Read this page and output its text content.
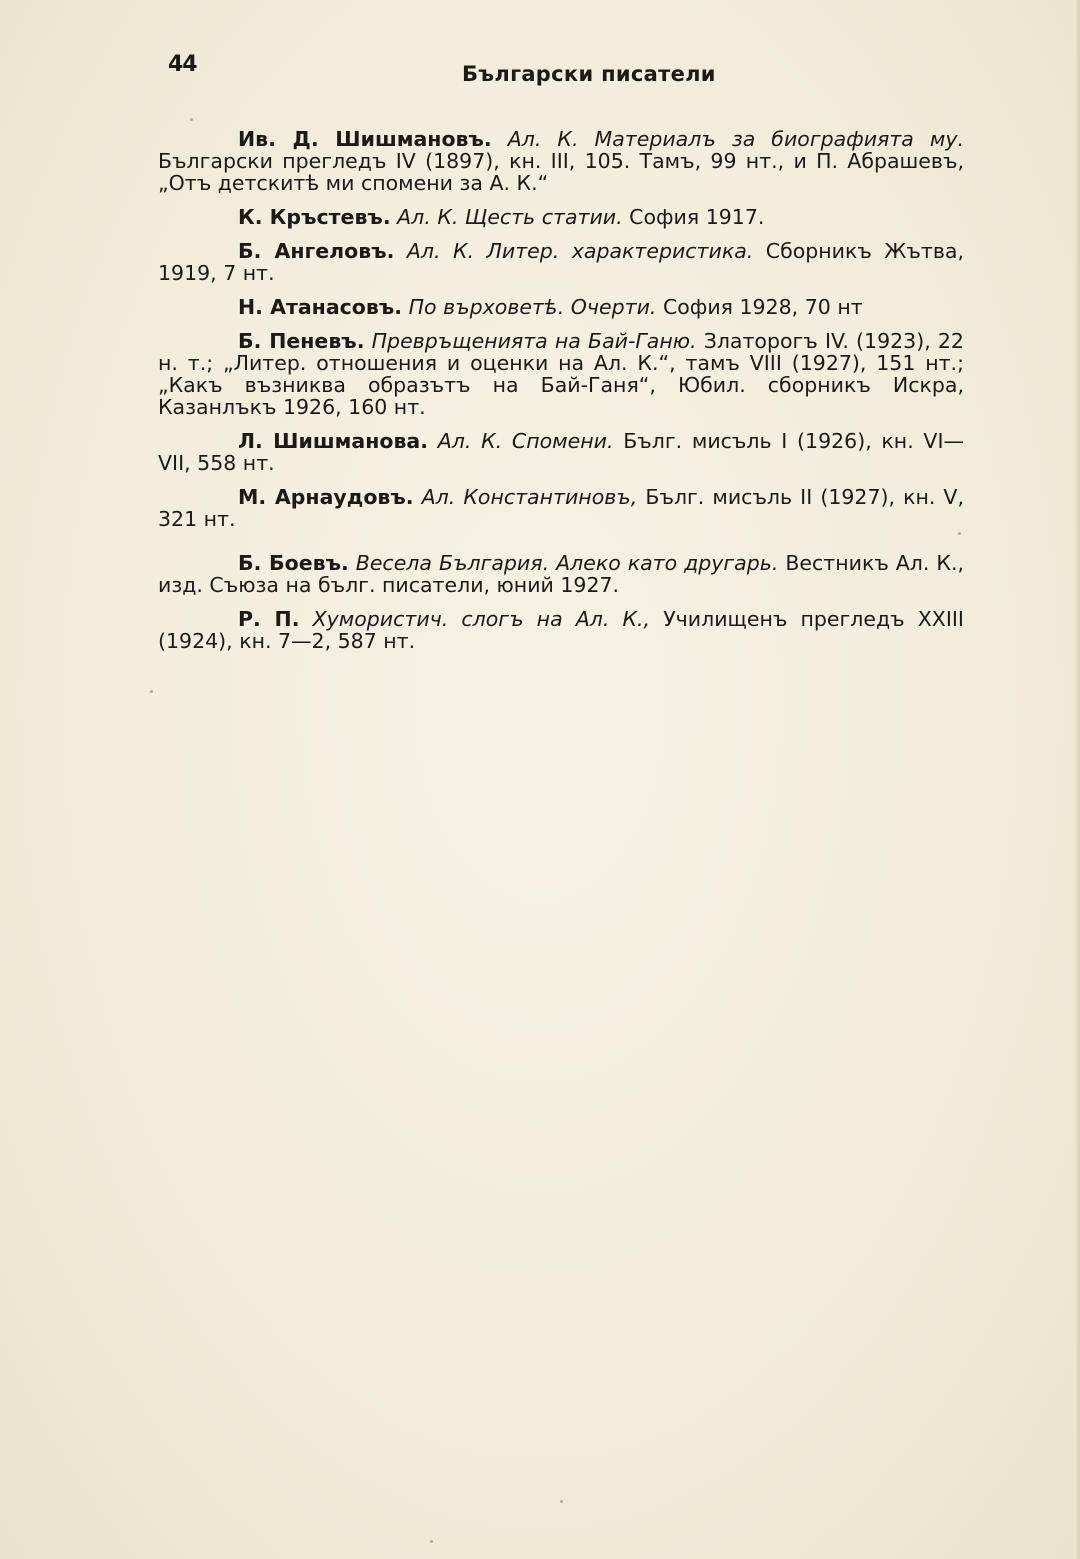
44	Български писатели

Ив. Д. Шишмановъ. Ал. К. Материалъ за биографията му. Български прегледъ IV (1897), кн. III, 105. Тамъ, 99 нт., и П. Абрашевъ, „Отъ детскитѣ ми спомени за А. К.“

К. Кръстевъ. Ал. К. Щесть статии. София 1917.

Б. Ангеловъ. Ал. К. Литер. характеристика. Сборникъ Жътва, 1919, 7 нт.

Н. Атанасовъ. По върховетѣ. Очерти. София 1928, 70 нт

Б. Пеневъ. Превръщенията на Бай-Ганю. Златорогъ IV. (1923), 22 н. т.; „Литер. отношения и оценки на Ал. К.“, тамъ VIII (1927), 151 нт.; „Какъ възниква образътъ на Бай-Ганя“, Юбил. сборникъ Искра, Казанлъкъ 1926, 160 нт.

Л. Шишманова. Ал. К. Спомени. Бълг. мисъль I (1926), кн. VI—VII, 558 нт.

М. Арнаудовъ. Ал. Константиновъ, Бълг. мисъль II (1927), кн. V, 321 нт.

Б. Боевъ. Весела България. Алеко като другарь. Вестникъ Ал. К., изд. Съюза на бълг. писатели, юний 1927.

Р. П. Хумористич. слогъ на Ал. К., Училищенъ прегледъ XXIII (1924), кн. 7—2, 587 нт.
